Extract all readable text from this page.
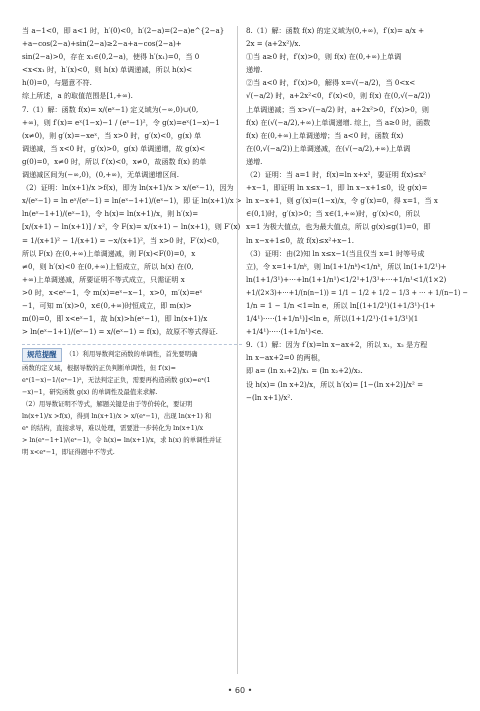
当 a−1<0，即 a<1 时，h′(0)<0，h′(2−a)=(2−a)e^{2−a}
+a−cos(2−a)+sin(2−a)≥2−a+a−cos(2−a)+
sin(2−a)>0，存在 x₁∈(0,2−a)，使得 h′(x₁)=0，当 0
<x<x₁ 时，h′(x)<0，则 h(x) 单调递减，所以 h(x)<
h(0)=0，与题意不符.
综上所述，a 的取值范围是[1,+∞).
7.（1）解：函数 f(x)= x/(eˣ−1) 定义域为(−∞,0)∪(0,
+∞)，则 f′(x)= eˣ(1−x)−1 / (eˣ−1)²，令 g(x)=eˣ(1−x)−1
(x≠0)，则 g′(x)=−xeˣ，当 x>0 时，g′(x)<0，g(x) 单
调递减，当 x<0 时，g′(x)>0，g(x) 单调递增，故 g(x)<
g(0)=0，x≠0 时，所以 f′(x)<0，x≠0，故函数 f(x) 的单
调递减区间为(−∞,0)，(0,+∞)，无单调递增区间.
（2）证明：ln(x+1)/x >f(x)，即为 ln(x+1)/x > x/(eˣ−1)，因为
x/(eˣ−1) = ln eˣ/(eˣ−1) = ln(eˣ−1+1)/(eˣ−1)，即 证 ln(x+1)/x >
ln(eˣ−1+1)/(eˣ−1)，令 h(x)= ln(x+1)/x，则 h′(x)=
[x/(x+1) − ln(x+1)] / x²，令 F(x)= x/(x+1) − ln(x+1)，则 F′(x)
= 1/(x+1)² − 1/(x+1) = −x/(x+1)²，当 x>0 时，F′(x)<0，
所以 F(x) 在(0,+∞)上单调递减，则 F(x)<F(0)=0，x
≠0，则 h′(x)<0 在(0,+∞)上恒成立，所以 h(x) 在(0,
+∞)上单调递减，所要证明不等式成立，只需证明 x
>0 时，x<eˣ−1，令 m(x)=eˣ−x−1，x>0，m′(x)=eˣ
−1，可知 m′(x)>0，x∈(0,+∞)时恒成立，即 m(x)>
m(0)=0，即 x<eˣ−1，故 h(x)>h(eˣ−1)，即 ln(x+1)/x
> ln(eˣ−1+1)/(eˣ−1) = x/(eˣ−1) = f(x)，故原不等式得证.
规范提醒	（1）利用导数判定函数的单调性，首先要明确
函数的定义域，根据导数的正负判断单调性，但 f′(x)=
eˣ(1−x)−1/(eˣ−1)²，无法判定正负，需要再构造函数 g(x)=eˣ(1
−x)−1，研究函数 g(x) 的单调性及最值来求解.
（2）用导数证明不等式，解题关键是由于等价转化，要证明
ln(x+1)/x >f(x)，得到 ln(x+1)/x > x/(eˣ−1)，出现 ln(x+1) 和
eˣ 的结构，直接求导，难以处理，需要进一步转化为 ln(x+1)/x
> ln(eˣ−1+1)/(eˣ−1)，令 h(x)= ln(x+1)/x，求 h(x) 的单调性并证
明 x<eˣ−1，即证得题中不等式.
8.（1）解：函数 f(x) 的定义域为(0,+∞)，f′(x)= a/x +
2x = (a+2x²)/x.
①当 a≥0 时，f′(x)>0，则 f(x) 在(0,+∞)上单调
递增.
②当 a<0 时，f′(x)>0，解得 x=√(−a/2)，当 0<x<
√(−a/2) 时，a+2x²<0，f′(x)<0，则 f(x) 在(0,√(−a/2))
上单调递减；当 x>√(−a/2) 时，a+2x²>0，f′(x)>0，则
f(x) 在(√(−a/2),+∞)上单调递增. 综上，当 a≥0 时，函数
f(x) 在(0,+∞)上单调递增；当 a<0 时，函数 f(x)
在(0,√(−a/2))上单调递减，在(√(−a/2),+∞)上单调
递增.
（2）证明：当 a=1 时，f(x)=ln x+x²，要证明 f(x)≤x²
+x−1，即证明 ln x≤x−1，即 ln x−x+1≤0，设 g(x)=
ln x−x+1，则 g′(x)=(1−x)/x，令 g′(x)=0，得 x=1，当 x
∈(0,1)时，g′(x)>0；当 x∈(1,+∞)时，g′(x)<0，所以
x=1 为极大值点，也为最大值点，所以 g(x)≤g(1)=0，即
ln x−x+1≤0，故 f(x)≤x²+x−1.
（3）证明：由(2)知 ln x≤x−1(当且仅当 x=1 时等号成
立)，令 x=1+1/nᵏ，则 ln(1+1/nᵏ)<1/nᵏ，所以 ln(1+1/2¹)+
ln(1+1/3¹)+⋯+ln(1+1/n¹)<1/2¹+1/3¹+⋯+1/n¹<1/(1×2)
+1/(2×3)+⋯+1/(n(n−1)) = 1/1 − 1/2 + 1/2 − 1/3 + ⋯ + 1/(n−1) −
1/n = 1 − 1/n <1=ln e，所以 ln[(1+1/2¹)(1+1/3¹)·(1+
1/4¹)·⋯·(1+1/n¹)]<ln e，所以(1+1/2¹)·(1+1/3¹)(1
+1/4¹)·⋯·(1+1/n¹)<e.
9.（1）解：因为 f′(x)=ln x−ax+2，所以 x₁，x₂ 是方程
ln x−ax+2=0 的两根，
即 a= (ln x₁+2)/x₁ = (ln x₂+2)/x₂.
设 h(x)= (ln x+2)/x，所以 h′(x)= [1−(ln x+2)]/x² =
−(ln x+1)/x².
• 60 •
